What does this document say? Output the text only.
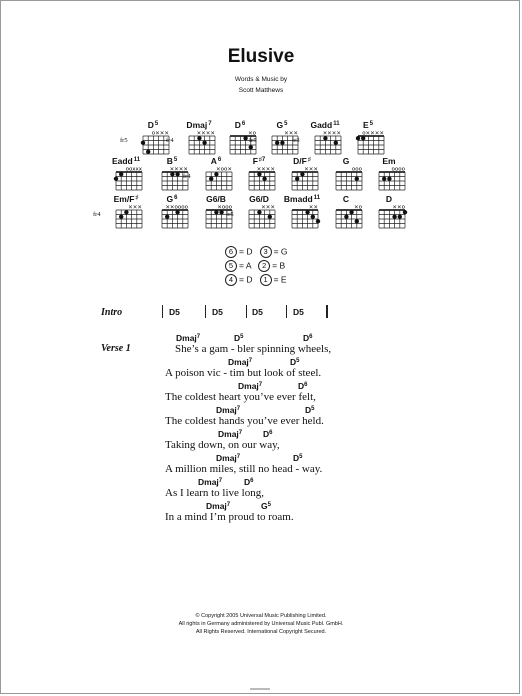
Elusive
Words & Music by
Scott Matthews
$D^5$
o×××
fr5
Dmaj$^7$
××××
fr4
$D^6$
×o
$G^5$
×××
fr5
Gadd$^{11}$
××××
fr3
$E^5$
o××××
Eadd$^{11}$
ooxxx
$B^5$
××××
$A^6$
×oo×
fr4
$F^{♯7}$
××××
D/F♯
×××
G
ooo
Em
oooo
Em/F♯
×××
fr4
$G^6$
××oooo
G6/B
×ooo
G6/D
×××
fr5
Bmadd$^{11}$
××
C
×o
D
××o
6 = D 3 = G
5 = A 2 = B
4 = D 1 = E
Intro	D5	D5	D5	D5
Verse 1
Dmaj$^7$	$D^5$	$D^6$
She’s a gam - bler spinning wheels,
Dmaj$^7$	$D^5$
A poison vic - tim but look of steel.
Dmaj$^7$	$D^6$
The coldest heart you’ve ever felt,
Dmaj$^7$	$D^5$
The coldest hands you’ve ever held.
Dmaj$^7$ $D^6$
Taking down, on our way,
Dmaj$^7$	$D^5$
A million miles, still no head - way.
Dmaj$^7$	$D^6$
As I learn to live long,
Dmaj$^7$	$G^5$
In a mind I’m proud to roam.
© Copyright 2005 Universal Music Publishing Limited.
All rights in Germany administered by Universal Music Publ. GmbH.
All Rights Reserved. International Copyright Secured.
